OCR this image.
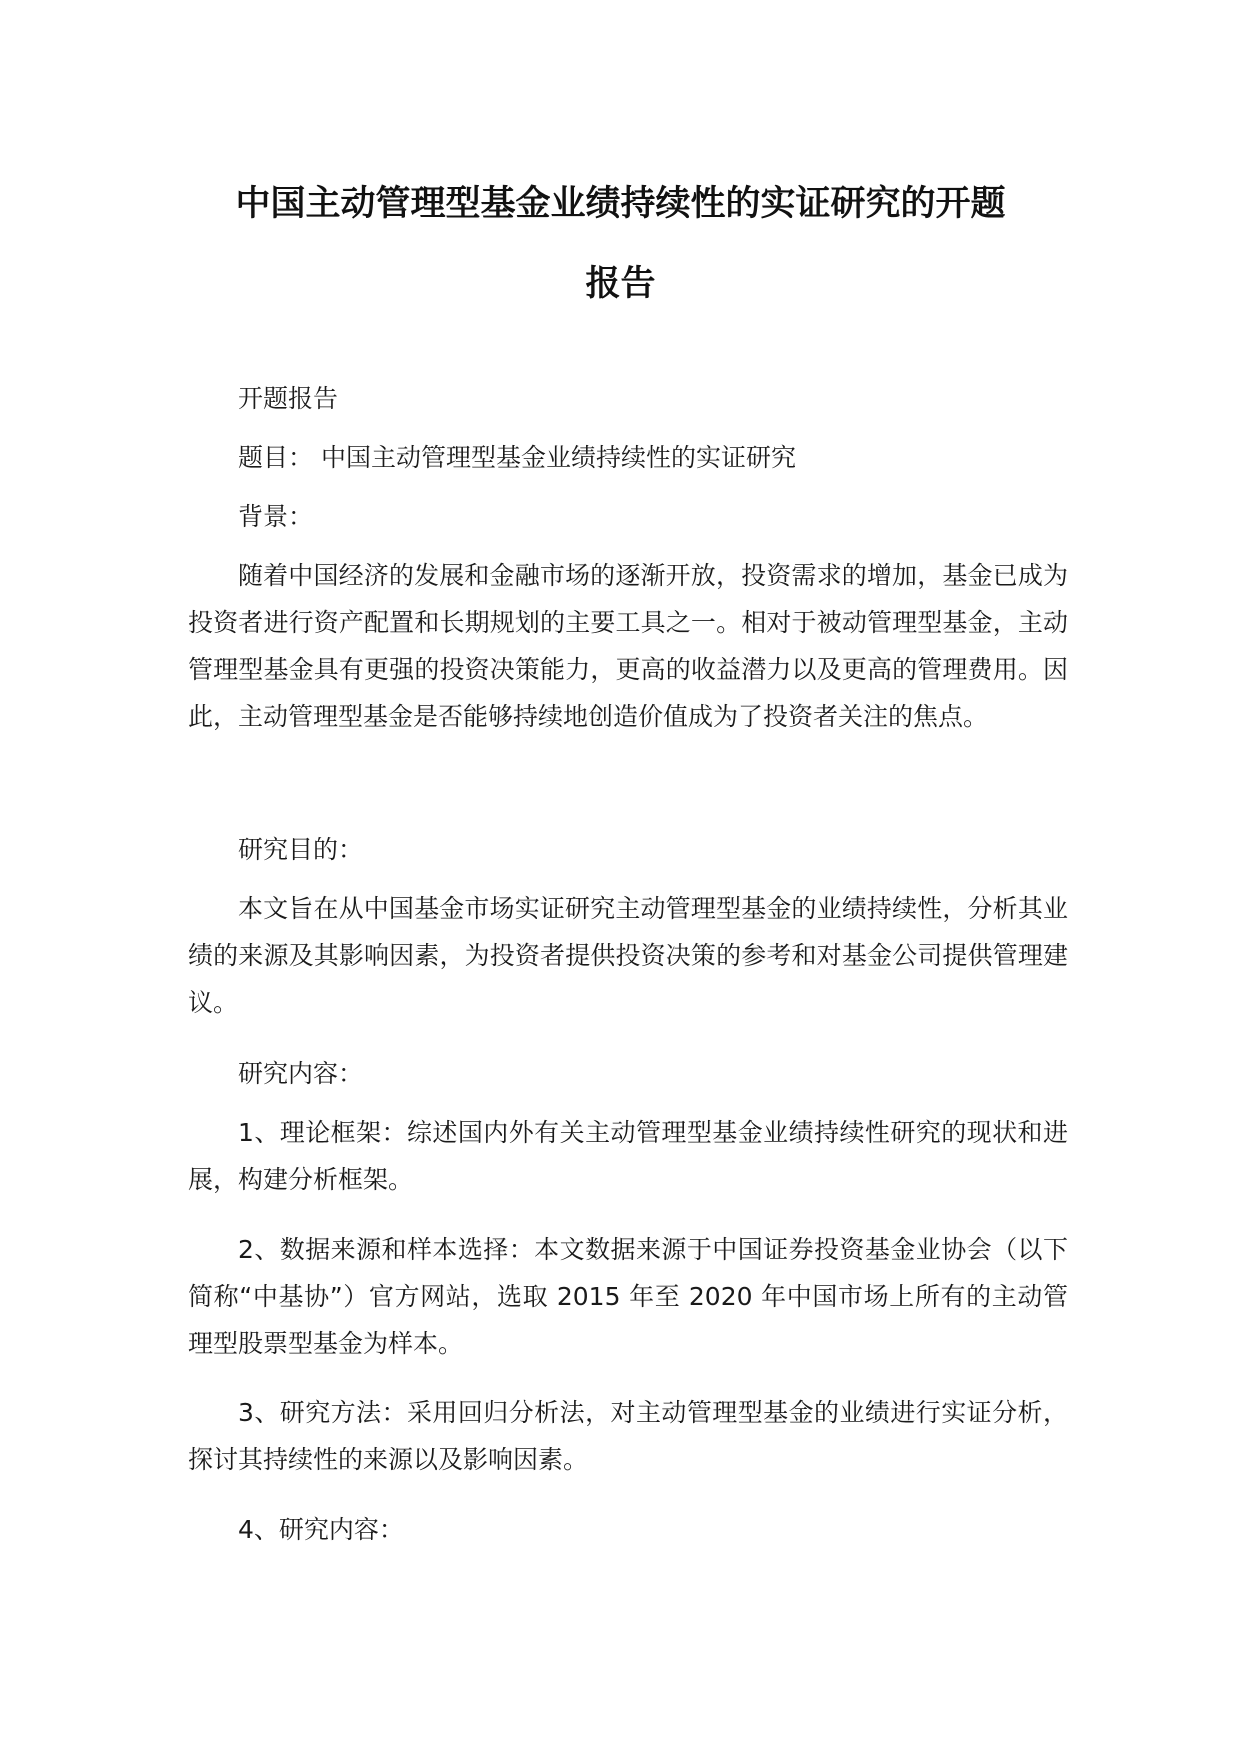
中国主动管理型基金业绩持续性的实证研究的开题
报告

开题报告

题目： 中国主动管理型基金业绩持续性的实证研究

背景：

随着中国经济的发展和金融市场的逐渐开放，投资需求的增加，基金已成为投资者进行资产配置和长期规划的主要工具之一。相对于被动管理型基金，主动管理型基金具有更强的投资决策能力，更高的收益潜力以及更高的管理费用。因此，主动管理型基金是否能够持续地创造价值成为了投资者关注的焦点。

研究目的：

本文旨在从中国基金市场实证研究主动管理型基金的业绩持续性，分析其业绩的来源及其影响因素，为投资者提供投资决策的参考和对基金公司提供管理建议。

研究内容：

1、理论框架：综述国内外有关主动管理型基金业绩持续性研究的现状和进展，构建分析框架。

2、数据来源和样本选择：本文数据来源于中国证券投资基金业协会（以下简称“中基协”）官方网站，选取 2015 年至 2020 年中国市场上所有的主动管理型股票型基金为样本。

3、研究方法：采用回归分析法，对主动管理型基金的业绩进行实证分析，探讨其持续性的来源以及影响因素。

4、研究内容：
